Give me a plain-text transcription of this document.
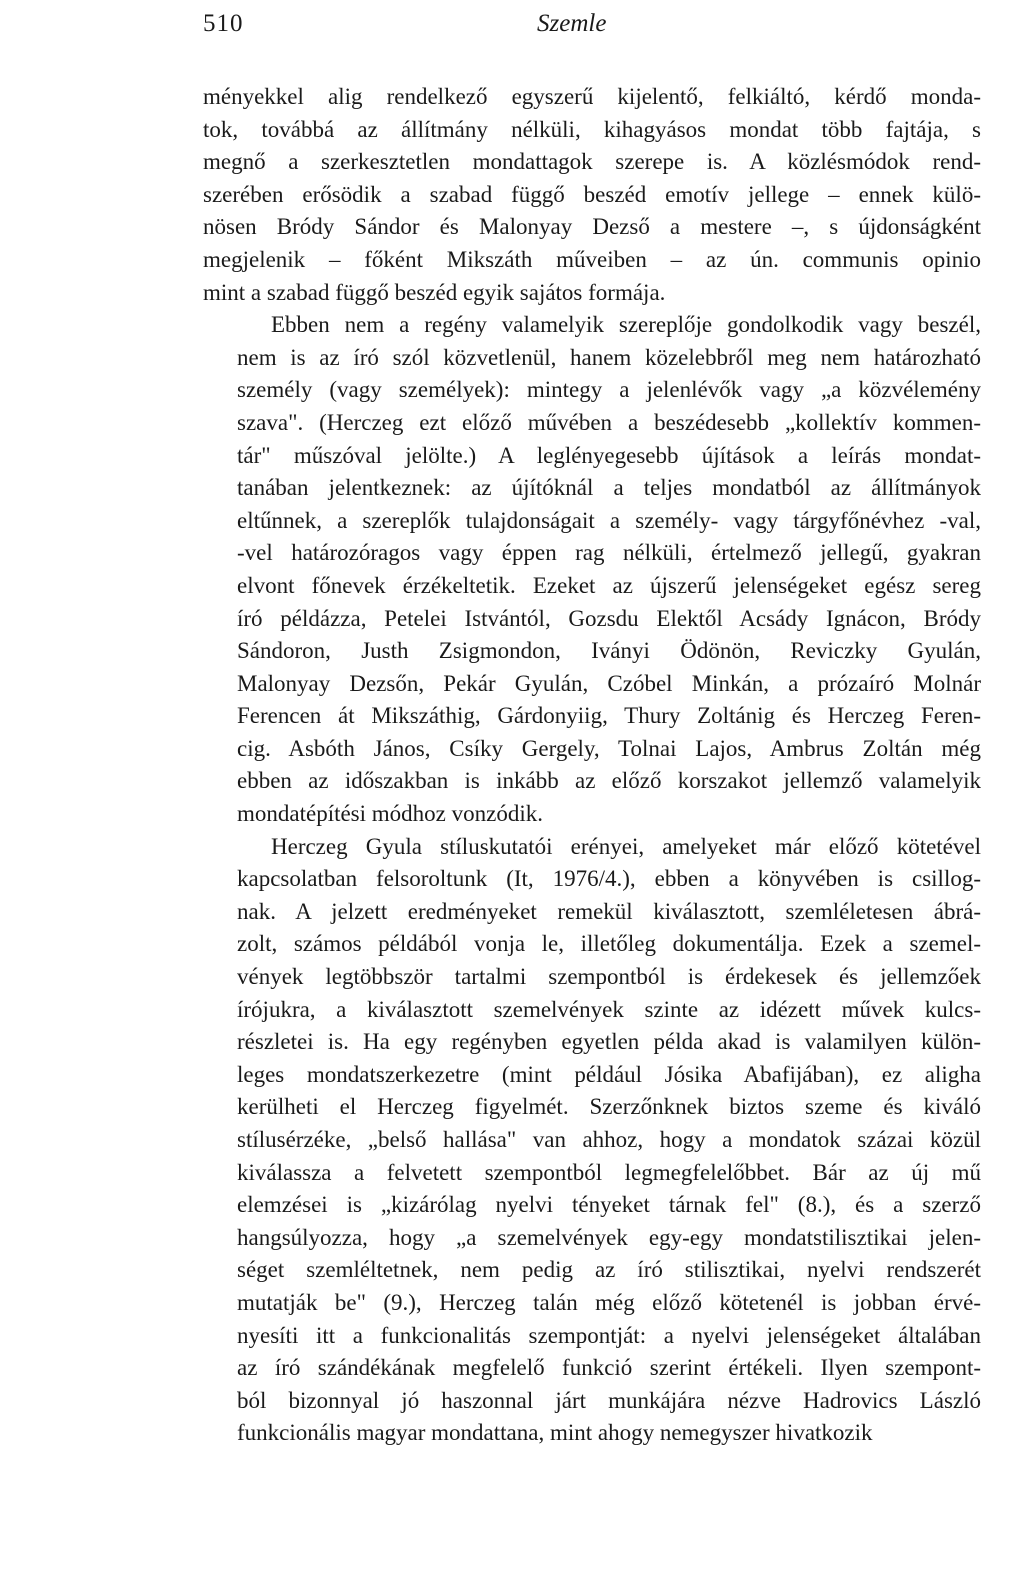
510	Szemle
ményekkel alig rendelkező egyszerű kijelentő, felkiáltó, kérdő monda-
tok, továbbá az állítmány nélküli, kihagyásos mondat több fajtája, s
megnő a szerkesztetlen mondattagok szerepe is. A közlésmódok rend-
szerében erősödik a szabad függő beszéd emotív jellege – ennek külö-
nösen Bródy Sándor és Malonyay Dezső a mestere –, s újdonságként
megjelenik – főként Mikszáth műveiben – az ún. communis opinio
mint a szabad függő beszéd egyik sajátos formája.
Ebben nem a regény valamelyik szereplője gondolkodik vagy beszél,
nem is az író szól közvetlenül, hanem közelebbről meg nem határozható
személy (vagy személyek): mintegy a jelenlévők vagy „a közvélemény
szava". (Herczeg ezt előző művében a beszédesebb „kollektív kommen-
tár" műszóval jelölte.) A leglényegesebb újítások a leírás mondat-
tanában jelentkeznek: az újítóknál a teljes mondatból az állítmányok
eltűnnek, a szereplők tulajdonságait a személy- vagy tárgyfőnévhez -val,
-vel határozóragos vagy éppen rag nélküli, értelmező jellegű, gyakran
elvont főnevek érzékeltetik. Ezeket az újszerű jelenségeket egész sereg
író példázza, Petelei Istvántól, Gozsdu Elektől Acsády Ignácon, Bródy
Sándoron, Justh Zsigmondon, Iványi Ödönön, Reviczky Gyulán,
Malonyay Dezsőn, Pekár Gyulán, Czóbel Minkán, a prózaíró Molnár
Ferencen át Mikszáthig, Gárdonyiig, Thury Zoltánig és Herczeg Feren-
cig. Asbóth János, Csíky Gergely, Tolnai Lajos, Ambrus Zoltán még
ebben az időszakban is inkább az előző korszakot jellemző valamelyik
mondatépítési módhoz vonzódik.
Herczeg Gyula stíluskutatói erényei, amelyeket már előző kötetével
kapcsolatban felsoroltunk (It, 1976/4.), ebben a könyvében is csillog-
nak. A jelzett eredményeket remekül kiválasztott, szemléletesen ábrá-
zolt, számos példából vonja le, illetőleg dokumentálja. Ezek a szemel-
vények legtöbbször tartalmi szempontból is érdekesek és jellemzőek
írójukra, a kiválasztott szemelvények szinte az idézett művek kulcs-
részletei is. Ha egy regényben egyetlen példa akad is valamilyen külön-
leges mondatszerkezetre (mint például Jósika Abafijában), ez aligha
kerülheti el Herczeg figyelmét. Szerzőnknek biztos szeme és kiváló
stílusérzéke, „belső hallása" van ahhoz, hogy a mondatok százai közül
kiválassza a felvetett szempontból legmegfelelőbbet. Bár az új mű
elemzései is „kizárólag nyelvi tényeket tárnak fel" (8.), és a szerző
hangsúlyozza, hogy „a szemelvények egy-egy mondatstilisztikai jelen-
séget szemléltetnek, nem pedig az író stilisztikai, nyelvi rendszerét
mutatják be" (9.), Herczeg talán még előző kötetenél is jobban érvé-
nyesíti itt a funkcionalitás szempontját: a nyelvi jelenségeket általában
az író szándékának megfelelő funkció szerint értékeli. Ilyen szempont-
ból bizonnyal jó haszonnal járt munkájára nézve Hadrovics László
funkcionális magyar mondattana, mint ahogy nemegyszer hivatkozik
